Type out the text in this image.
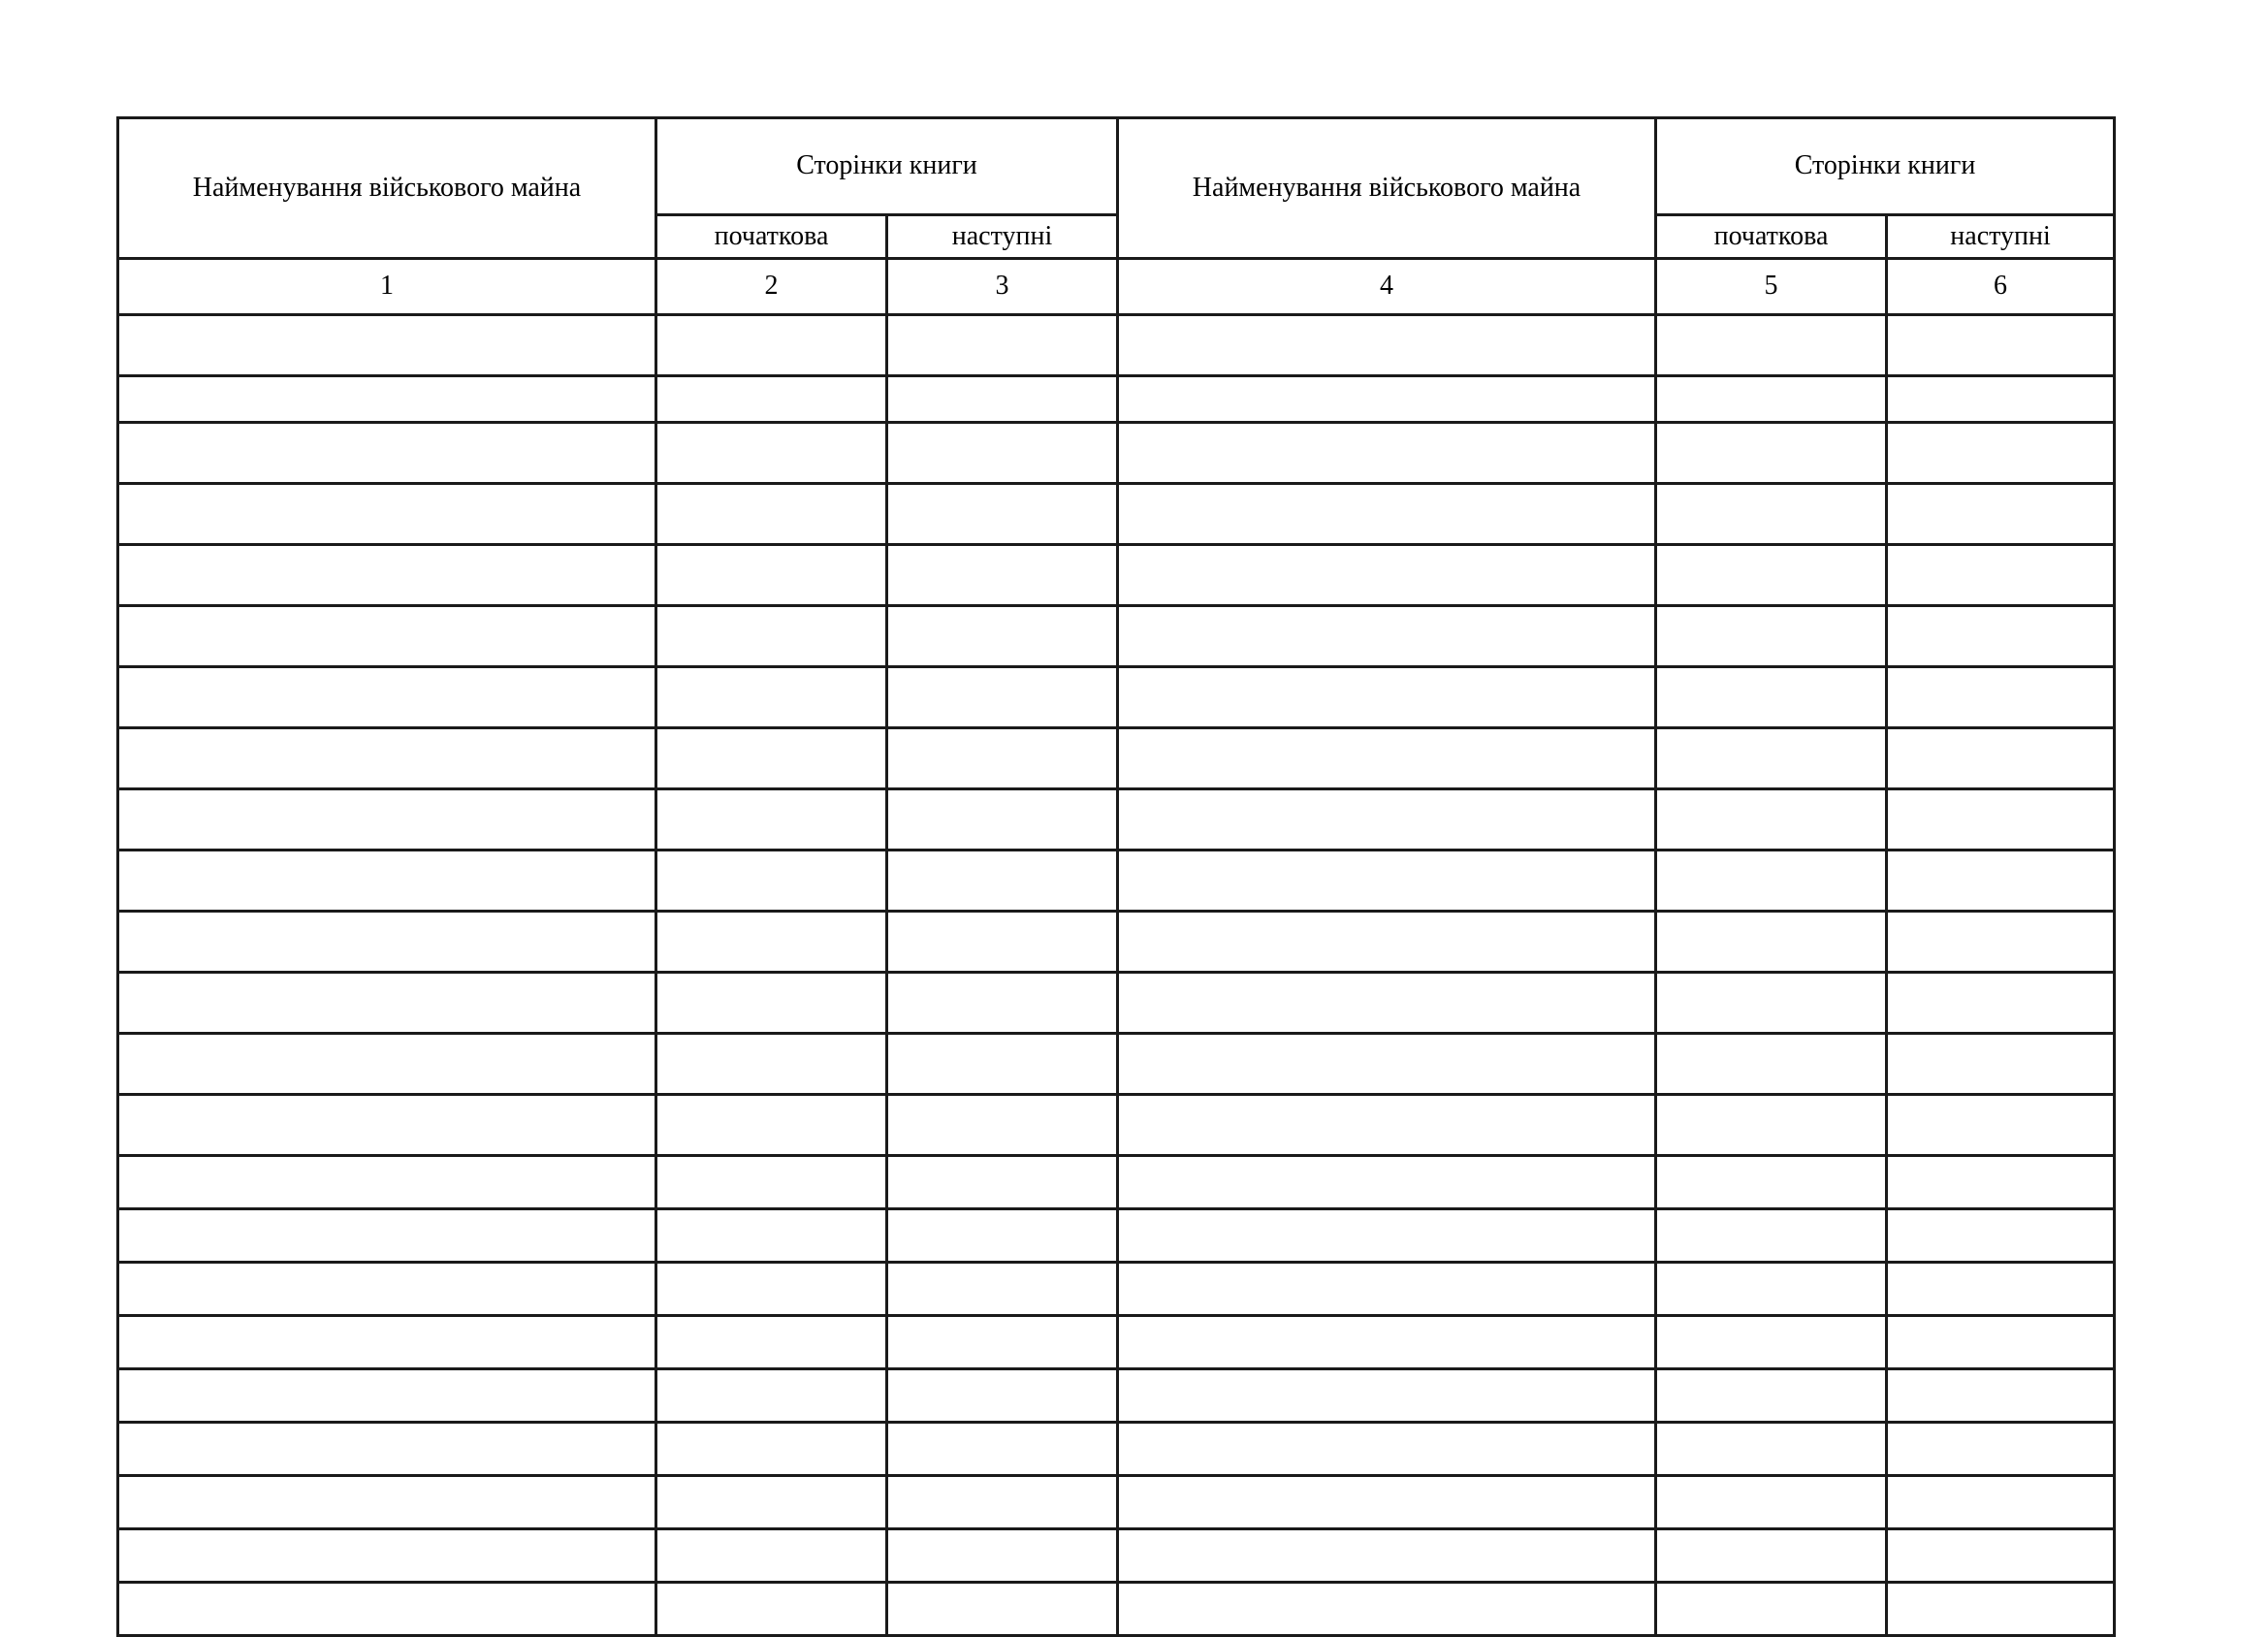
Найменування військового майна	Сторінки книги		Найменування військового майна	Сторінки книги	
	початкова	наступні		початкова	наступні
1	2	3	4	5	6
